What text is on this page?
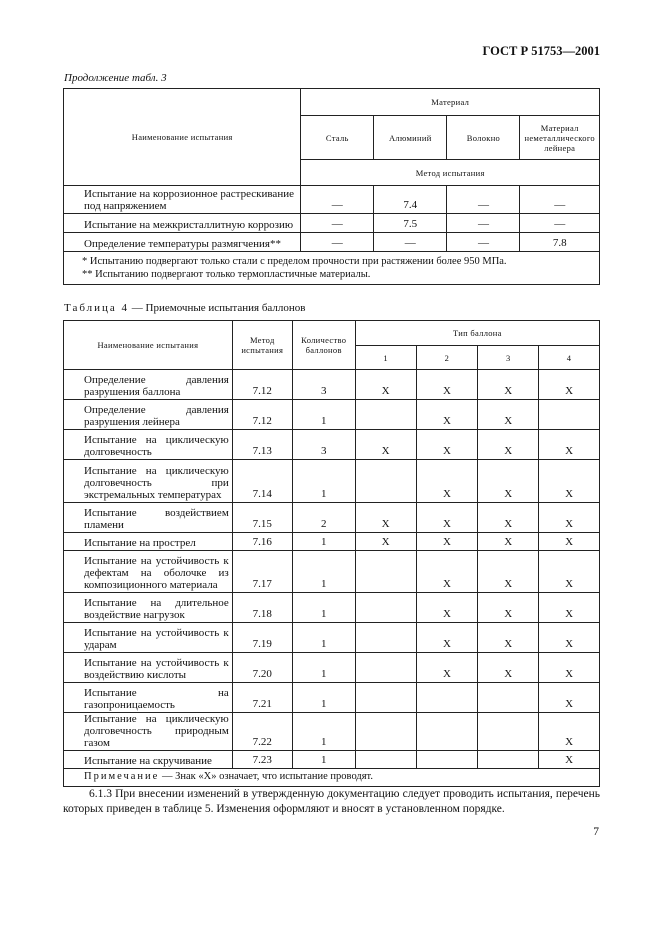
ГОСТ Р 51753—2001
Продолжение табл. 3
Наименование испытания	Материал			
	Сталь	Алюминий	Волокно	Материал неметаллического лейнера
	Метод испытания			
Испытание на коррозионное растрескивание под напряжением	—	7.4	—	—
Испытание на межкристаллитную коррозию	—	7.5	—	—
Определение температуры размягчения**	—	—	—	7.8

* Испытанию подвергают только стали с пределом прочности при растяжении более 950 МПа.
** Испытанию подвергают только термопластичные материалы.				
Таблица 4 — Приемочные испытания баллонов
Наименование испытания	Метод испытания	Количество баллонов	Тип баллона			
			1	2	3	4
Определение давления разрушения баллона	7.12	3	X	X	X	X
Определение давления разрушения лейнера	7.12	1		X	X	
Испытание на циклическую долговечность	7.13	3	X	X	X	X
Испытание на циклическую долговечность при экстремальных температурах	7.14	1		X	X	X
Испытание воздействием пламени	7.15	2	X	X	X	X
Испытание на прострел	7.16	1	X	X	X	X
Испытание на устойчивость к дефектам на оболочке из композиционного материала	7.17	1		X	X	X
Испытание на длительное воздействие нагрузок	7.18	1		X	X	X
Испытание на устойчивость к ударам	7.19	1		X	X	X
Испытание на устойчивость к воздействию кислоты	7.20	1		X	X	X
Испытание на газопроницаемость	7.21	1				X
Испытание на циклическую долговечность природным газом	7.22	1				X
Испытание на скручивание	7.23	1				X
Примечание — Знак «Х» означает, что испытание проводят.						
6.1.3 При внесении изменений в утвержденную документацию следует проводить испытания, перечень которых приведен в таблице 5. Изменения оформляют и вносят в установленном порядке.
7
